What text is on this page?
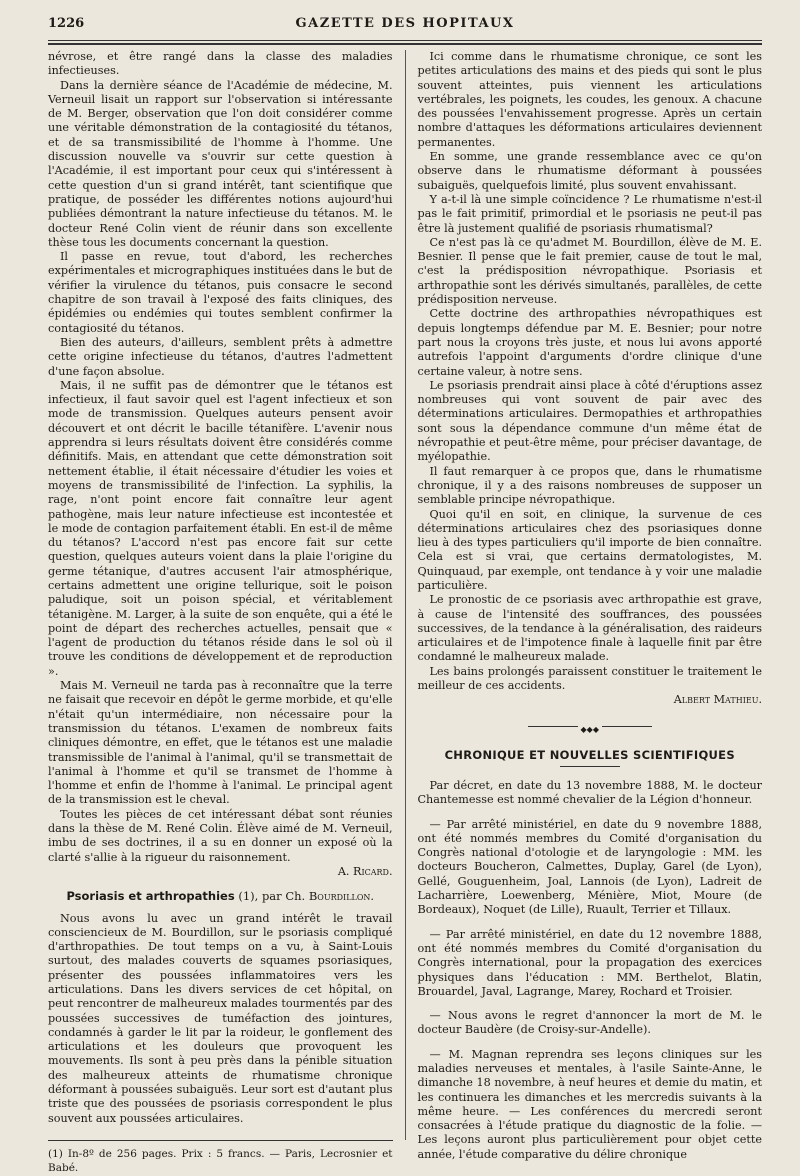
1226	GAZETTE DES HOPITAUX

névrose, et être rangé dans la classe des maladies infectieuses.

Dans la dernière séance de l'Académie de médecine, M. Verneuil lisait un rapport sur l'observation si intéressante de M. Berger, observation que l'on doit considérer comme une véritable démonstration de la contagiosité du tétanos, et de sa transmissibilité de l'homme à l'homme. Une discussion nouvelle va s'ouvrir sur cette question à l'Académie, il est important pour ceux qui s'intéressent à cette question d'un si grand intérêt, tant scientifique que pratique, de posséder les différentes notions aujourd'hui publiées démontrant la nature infectieuse du tétanos. M. le docteur René Colin vient de réunir dans son excellente thèse tous les documents concernant la question.

Il passe en revue, tout d'abord, les recherches expérimentales et micrographiques instituées dans le but de vérifier la virulence du tétanos, puis consacre le second chapitre de son travail à l'exposé des faits cliniques, des épidémies ou endémies qui toutes semblent confirmer la contagiosité du tétanos.

Bien des auteurs, d'ailleurs, semblent prêts à admettre cette origine infectieuse du tétanos, d'autres l'admettent d'une façon absolue.

Mais, il ne suffit pas de démontrer que le tétanos est infectieux, il faut savoir quel est l'agent infectieux et son mode de transmission. Quelques auteurs pensent avoir découvert et ont décrit le bacille tétanifère. L'avenir nous apprendra si leurs résultats doivent être considérés comme définitifs. Mais, en attendant que cette démonstration soit nettement établie, il était nécessaire d'étudier les voies et moyens de transmissibilité de l'infection. La syphilis, la rage, n'ont point encore fait connaître leur agent pathogène, mais leur nature infectieuse est incontestée et le mode de contagion parfaitement établi. En est-il de même du tétanos? L'accord n'est pas encore fait sur cette question, quelques auteurs voient dans la plaie l'origine du germe tétanique, d'autres accusent l'air atmosphérique, certains admettent une origine tellurique, soit le poison paludique, soit un poison spécial, et véritablement tétanigène. M. Larger, à la suite de son enquête, qui a été le point de départ des recherches actuelles, pensait que « l'agent de production du tétanos réside dans le sol où il trouve les conditions de développement et de reproduction ».

Mais M. Verneuil ne tarda pas à reconnaître que la terre ne faisait que recevoir en dépôt le germe morbide, et qu'elle n'était qu'un intermédiaire, non nécessaire pour la transmission du tétanos. L'examen de nombreux faits cliniques démontre, en effet, que le tétanos est une maladie transmissible de l'animal à l'animal, qu'il se transmettait de l'animal à l'homme et qu'il se transmet de l'homme à l'homme et enfin de l'homme à l'animal. Le principal agent de la transmission est le cheval.

Toutes les pièces de cet intéressant débat sont réunies dans la thèse de M. René Colin. Élève aimé de M. Verneuil, imbu de ses doctrines, il a su en donner un exposé où la clarté s'allie à la rigueur du raisonnement.

A. Ricard.

Psoriasis et arthropathies (1), par Ch. Bourdillon.

Nous avons lu avec un grand intérêt le travail consciencieux de M. Bourdillon, sur le psoriasis compliqué d'arthropathies. De tout temps on a vu, à Saint-Louis surtout, des malades couverts de squames psoriasiques, présenter des poussées inflammatoires vers les articulations. Dans les divers services de cet hôpital, on peut rencontrer de malheureux malades tourmentés par des poussées successives de tuméfaction des jointures, condamnés à garder le lit par la roideur, le gonflement des articulations et les douleurs que provoquent les mouvements. Ils sont à peu près dans la pénible situation des malheureux atteints de rhumatisme chronique déformant à poussées subaiguës. Leur sort est d'autant plus triste que des poussées de psoriasis correspondent le plus souvent aux poussées articulaires.

(1) In-8º de 256 pages. Prix : 5 francs. — Paris, Lecrosnier et Babé.

Ici comme dans le rhumatisme chronique, ce sont les petites articulations des mains et des pieds qui sont le plus souvent atteintes, puis viennent les articulations vertébrales, les poignets, les coudes, les genoux. A chacune des poussées l'envahissement progresse. Après un certain nombre d'attaques les déformations articulaires deviennent permanentes.

En somme, une grande ressemblance avec ce qu'on observe dans le rhumatisme déformant à poussées subaiguës, quelquefois limité, plus souvent envahissant.

Y a-t-il là une simple coïncidence ? Le rhumatisme n'est-il pas le fait primitif, primordial et le psoriasis ne peut-il pas être là justement qualifié de psoriasis rhumatismal?

Ce n'est pas là ce qu'admet M. Bourdillon, élève de M. E. Besnier. Il pense que le fait premier, cause de tout le mal, c'est la prédisposition névropathique. Psoriasis et arthropathie sont les dérivés simultanés, parallèles, de cette prédisposition nerveuse.

Cette doctrine des arthropathies névropathiques est depuis longtemps défendue par M. E. Besnier; pour notre part nous la croyons très juste, et nous lui avons apporté autrefois l'appoint d'arguments d'ordre clinique d'une certaine valeur, à notre sens.

Le psoriasis prendrait ainsi place à côté d'éruptions assez nombreuses qui vont souvent de pair avec des déterminations articulaires. Dermopathies et arthropathies sont sous la dépendance commune d'un même état de névropathie et peut-être même, pour préciser davantage, de myélopathie.

Il faut remarquer à ce propos que, dans le rhumatisme chronique, il y a des raisons nombreuses de supposer un semblable principe névropathique.

Quoi qu'il en soit, en clinique, la survenue de ces déterminations articulaires chez des psoriasiques donne lieu à des types particuliers qu'il importe de bien connaître. Cela est si vrai, que certains dermatologistes, M. Quinquaud, par exemple, ont tendance à y voir une maladie particulière.

Le pronostic de ce psoriasis avec arthropathie est grave, à cause de l'intensité des souffrances, des poussées successives, de la tendance à la généralisation, des raideurs articulaires et de l'impotence finale à laquelle finit par être condamné le malheureux malade.

Les bains prolongés paraissent constituer le traitement le meilleur de ces accidents.

Albert Mathieu.

◆◆◆
CHRONIQUE ET NOUVELLES SCIENTIFIQUES

Par décret, en date du 13 novembre 1888, M. le docteur Chantemesse est nommé chevalier de la Légion d'honneur.

— Par arrêté ministériel, en date du 9 novembre 1888, ont été nommés membres du Comité d'organisation du Congrès national d'otologie et de laryngologie : MM. les docteurs Boucheron, Calmettes, Duplay, Garel (de Lyon), Gellé, Gouguenheim, Joal, Lannois (de Lyon), Ladreit de Lacharrière, Loewenberg, Ménière, Miot, Moure (de Bordeaux), Noquet (de Lille), Ruault, Terrier et Tillaux.

— Par arrêté ministériel, en date du 12 novembre 1888, ont été nommés membres du Comité d'organisation du Congrès international, pour la propagation des exercices physiques dans l'éducation : MM. Berthelot, Blatin, Brouardel, Javal, Lagrange, Marey, Rochard et Troisier.

— Nous avons le regret d'annoncer la mort de M. le docteur Baudère (de Croisy-sur-Andelle).

— M. Magnan reprendra ses leçons cliniques sur les maladies nerveuses et mentales, à l'asile Sainte-Anne, le dimanche 18 novembre, à neuf heures et demie du matin, et les continuera les dimanches et les mercredis suivants à la même heure. — Les conférences du mercredi seront consacrées à l'étude pratique du diagnostic de la folie. — Les leçons auront plus particulièrement pour objet cette année, l'étude comparative du délire chronique
